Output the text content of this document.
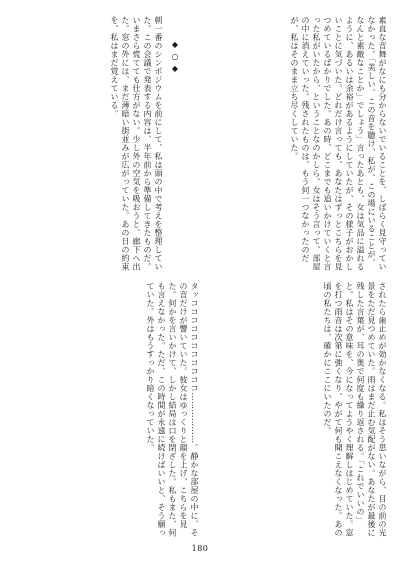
素直な音舞がなにも分からないでいることを、しばらく見守っていなかった。「美しい、この音を聴け、私が、この場にいることが、なんと素敵なことか」でしょう」言ったあとも、女は気品に溢れるように、あるいは余裕があるようにしていたが、その様子がおかしいことに気づいた。どれだけ言っても、あなたはずっとこちらを見つめているばかりでした。あの時、どこまでも追いかけていくと言った私がいたから、ということなのかしら。女はそう言って、部屋の中に消えていった。残されたものは、もう何一つなかったのだが、私はそのまま立ち尽くしていた。
朝一番のシンポジウムを前にして、私は頭の中で考えを整理していた。この会議で発表する内容は、半年前から準備してきたものだ。いまさら慌てても仕方がない。少し外の空気を吸おうと、廊下へ出た。窓の外には、まだ薄暗い街並みが広がっていた。あの日の約束を、私はまだ覚えている。	◆
○
◆
されたら歯止めが効かなくなる。私はそう思いながら、目の前の光景をただ見つめていた。雨はまだ止む気配がない。あなたが最後に残した言葉が、耳の奥で何度も繰り返される。「これでいいの」と。私はその意味を、今になってようやく理解しはじめていた。窓を打つ雨音は次第に強くなり、やがて何も聞こえなくなった。あの頃の私たちは、確かにここにいたのだ。
タッコココココココココココ………………。静かな部屋の中に、その音だけが響いていた。彼女はゆっくりと顔を上げ、こちらを見た。何かを言いかけて、しかし結局は口を閉ざした。私もまた、何も言えなかった。ただ、この時間が永遠に続けばいいと、そう願っていた。外はもうすっかり暗くなっていた。
180
